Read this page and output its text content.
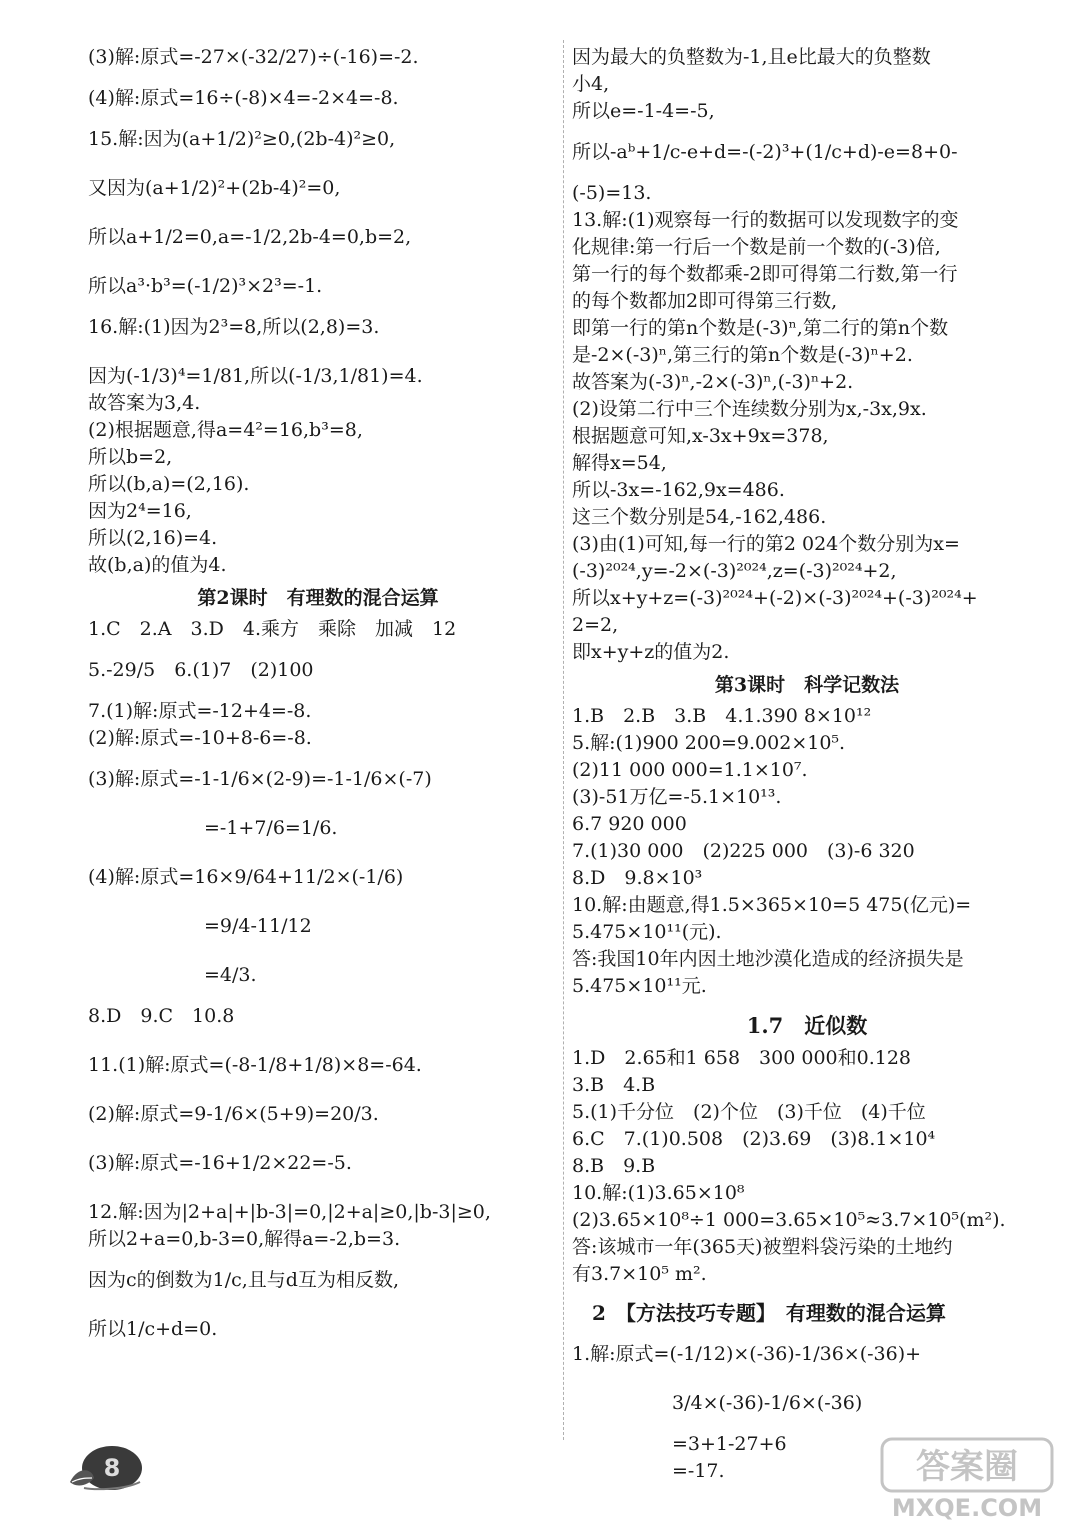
(3)解:原式=-27×(-32/27)÷(-16)=-2.

(4)解:原式=16÷(-8)×4=-2×4=-8.

15.解:因为(a+1/2)²≥0,(2b-4)²≥0,

又因为(a+1/2)²+(2b-4)²=0,

所以a+1/2=0,a=-1/2,2b-4=0,b=2,

所以a³·b³=(-1/2)³×2³=-1.

16.解:(1)因为2³=8,所以(2,8)=3.

因为(-1/3)⁴=1/81,所以(-1/3,1/81)=4.

故答案为3,4.

(2)根据题意,得a=4²=16,b³=8,

所以b=2,

所以(b,a)=(2,16).

因为2⁴=16,

所以(2,16)=4.

故(b,a)的值为4.

第2课时　有理数的混合运算

1.C　2.A　3.D　4.乘方　乘除　加减　12

5.-29/5　6.(1)7　(2)100

7.(1)解:原式=-12+4=-8.

(2)解:原式=-10+8-6=-8.

(3)解:原式=-1-1/6×(2-9)=-1-1/6×(-7)

=-1+7/6=1/6.

(4)解:原式=16×9/64+11/2×(-1/6)

=9/4-11/12

=4/3.

8.D　9.C　10.8

11.(1)解:原式=(-8-1/8+1/8)×8=-64.

(2)解:原式=9-1/6×(5+9)=20/3.

(3)解:原式=-16+1/2×22=-5.

12.解:因为|2+a|+|b-3|=0,|2+a|≥0,|b-3|≥0,

所以2+a=0,b-3=0,解得a=-2,b=3.

因为c的倒数为1/c,且与d互为相反数,

所以1/c+d=0.

因为最大的负整数为-1,且e比最大的负整数

小4,

所以e=-1-4=-5,

所以-aᵇ+1/c-e+d=-(-2)³+(1/c+d)-e=8+0-

(-5)=13.

13.解:(1)观察每一行的数据可以发现数字的变

化规律:第一行后一个数是前一个数的(-3)倍,

第一行的每个数都乘-2即可得第二行数,第一行

的每个数都加2即可得第三行数,

即第一行的第n个数是(-3)ⁿ,第二行的第n个数

是-2×(-3)ⁿ,第三行的第n个数是(-3)ⁿ+2.

故答案为(-3)ⁿ,-2×(-3)ⁿ,(-3)ⁿ+2.

(2)设第二行中三个连续数分别为x,-3x,9x.

根据题意可知,x-3x+9x=378,

解得x=54,

所以-3x=-162,9x=486.

这三个数分别是54,-162,486.

(3)由(1)可知,每一行的第2 024个数分别为x=

(-3)²⁰²⁴,y=-2×(-3)²⁰²⁴,z=(-3)²⁰²⁴+2,

所以x+y+z=(-3)²⁰²⁴+(-2)×(-3)²⁰²⁴+(-3)²⁰²⁴+

2=2,

即x+y+z的值为2.

第3课时　科学记数法

1.B　2.B　3.B　4.1.390 8×10¹²

5.解:(1)900 200=9.002×10⁵.

(2)11 000 000=1.1×10⁷.

(3)-51万亿=-5.1×10¹³.

6.7 920 000

7.(1)30 000　(2)225 000　(3)-6 320

8.D　9.8×10³

10.解:由题意,得1.5×365×10=5 475(亿元)=

5.475×10¹¹(元).

答:我国10年内因土地沙漠化造成的经济损失是

5.475×10¹¹元.

1.7　近似数

1.D　2.65和1 658　300 000和0.128

3.B　4.B

5.(1)千分位　(2)个位　(3)千位　(4)千位

6.C　7.(1)0.508　(2)3.69　(3)8.1×10⁴

8.B　9.B

10.解:(1)3.65×10⁸

(2)3.65×10⁸÷1 000=3.65×10⁵≈3.7×10⁵(m²).

答:该城市一年(365天)被塑料袋污染的土地约

有3.7×10⁵ m².

2　【方法技巧专题】　有理数的混合运算

1.解:原式=(-1/12)×(-36)-1/36×(-36)+

3/4×(-36)-1/6×(-36)

=3+1-27+6

=-17.

8	答案圈
MXQE.COM
